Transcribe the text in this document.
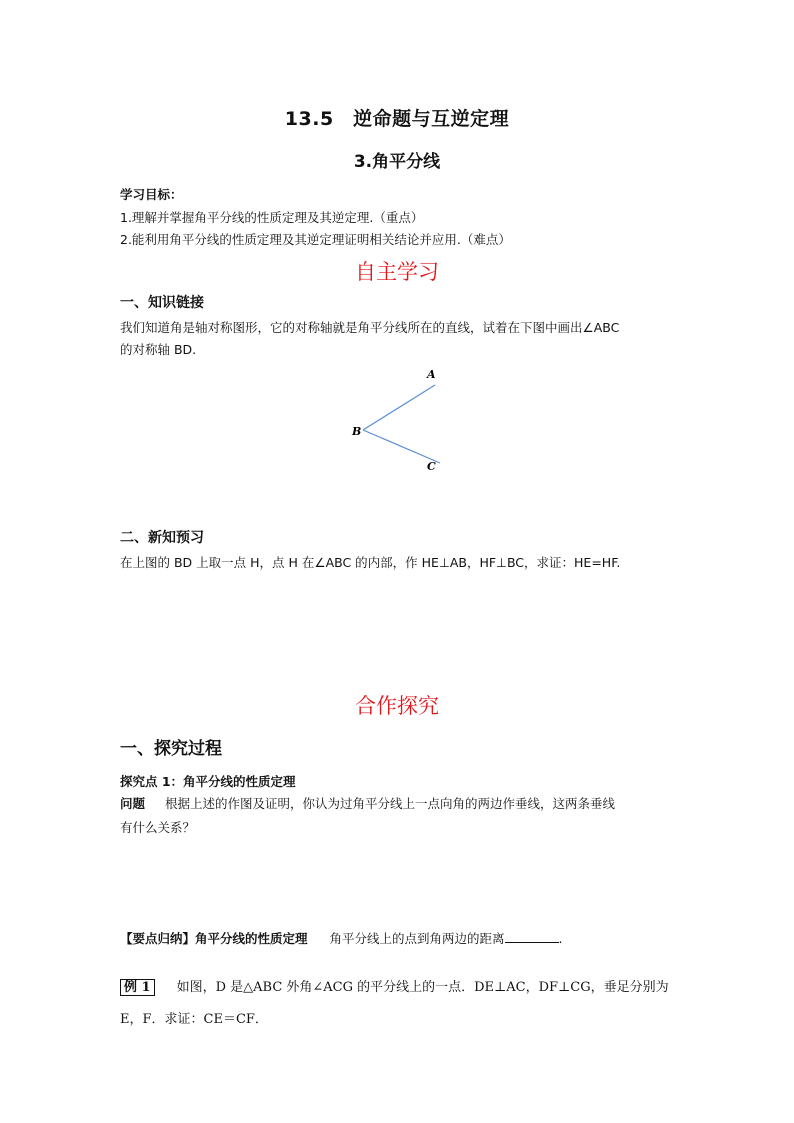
13.5　逆命题与互逆定理
3.角平分线
学习目标：
1.理解并掌握角平分线的性质定理及其逆定理.（重点）
2.能利用角平分线的性质定理及其逆定理证明相关结论并应用.（难点）
自主学习
一、知识链接
我们知道角是轴对称图形，它的对称轴就是角平分线所在的直线，试着在下图中画出∠ABC
的对称轴 BD.
A
B
C
二、新知预习
在上图的 BD 上取一点 H，点 H 在∠ABC 的内部，作 HE⊥AB，HF⊥BC，求证：HE=HF.
合作探究
一、探究过程
探究点 1：角平分线的性质定理
问题 根据上述的作图及证明，你认为过角平分线上一点向角的两边作垂线，这两条垂线
有什么关系？
【要点归纳】角平分线的性质定理 角平分线上的点到角两边的距离	.
例 1 如图，D 是△ABC 外角∠ACG 的平分线上的一点．DE⊥AC，DF⊥CG，垂足分别为
E，F．求证：CE＝CF．
